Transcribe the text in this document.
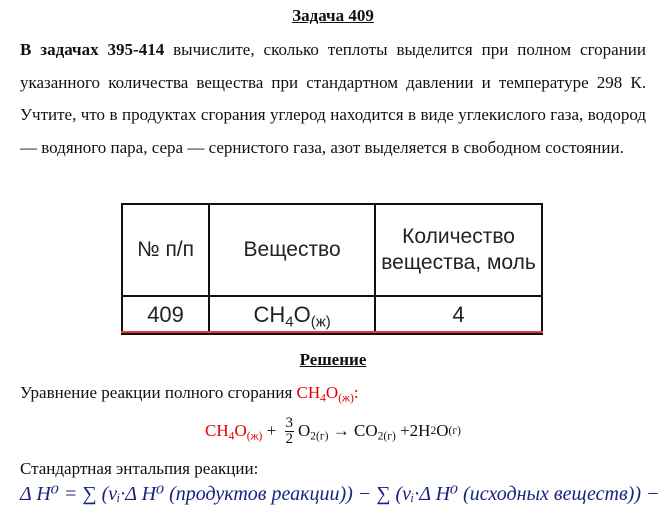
Задача 409
В задачах 395-414 вычислите, сколько теплоты выделится при полном сгорании указанного количества вещества при стандартном давлении и температуре 298 К. Учтите, что в продуктах сгорания углерод находится в виде углекислого газа, водород — водяного пара, сера — сернистого газа, азот выделяется в свободном состоянии.
№ п/п	Вещество	Количество вещества, моль
409	$CH_4O_{(ж)}$	4
Решение
Уравнение реакции полного сгорания $CH_4O_{(ж)}$:
$CH_4O_{(ж)} + \frac{3}{2} O_{2(г)}$
→
$CO_{2(г)}$
+2H 2 O (г)
Стандартная энтальпия реакции:
Δ H⁰ = ∑ (νᵢ·Δ H⁰ (продуктов реакции)) − ∑ (νᵢ·Δ H⁰ (исходных веществ)) −
